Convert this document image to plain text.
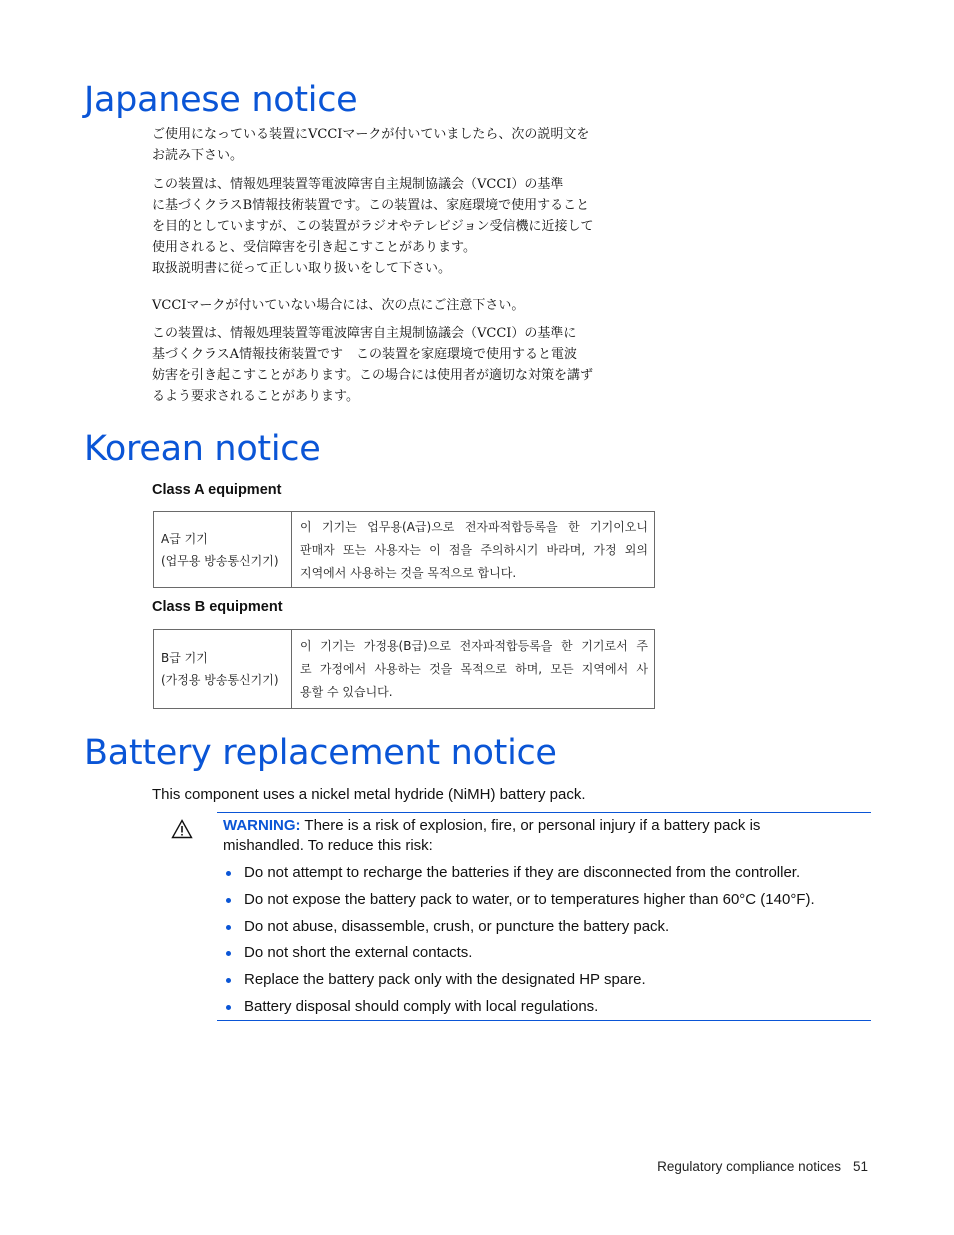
Japanese notice
ご使用になっている装置にVCCIマークが付いていましたら、次の説明文を
お読み下さい。
この装置は、情報処理装置等電波障害自主規制協議会（VCCI）の基準
に基づくクラスB情報技術装置です。この装置は、家庭環境で使用すること
を目的としていますが、この装置がラジオやテレビジョン受信機に近接して
使用されると、受信障害を引き起こすことがあります。
取扱説明書に従って正しい取り扱いをして下さい。
VCCIマークが付いていない場合には、次の点にご注意下さい。
この装置は、情報処理装置等電波障害自主規制協議会（VCCI）の基準に
基づくクラスA情報技術装置です　この装置を家庭環境で使用すると電波
妨害を引き起こすことがあります。この場合には使用者が適切な対策を講ず
るよう要求されることがあります。
Korean notice
Class A equipment
A급 기기
(업무용 방송통신기기)
이 기기는 업무용(A급)으로 전자파적합등록을 한 기기이오니
판매자 또는 사용자는 이 점을 주의하시기 바라며, 가정 외의
지역에서 사용하는 것을 목적으로 합니다.
Class B equipment
B급 기기
(가정용 방송통신기기)
이 기기는 가정용(B급)으로 전자파적합등록을 한 기기로서 주
로 가정에서 사용하는 것을 목적으로 하며, 모든 지역에서 사
용할 수 있습니다.
Battery replacement notice

This component uses a nickel metal hydride (NiMH) battery pack.

WARNING: There is a risk of explosion, fire, or personal injury if a battery pack is mishandled. To reduce this risk:
Do not attempt to recharge the batteries if they are disconnected from the controller.
Do not expose the battery pack to water, or to temperatures higher than 60°C (140°F).
Do not abuse, disassemble, crush, or puncture the battery pack.
Do not short the external contacts.
Replace the battery pack only with the designated HP spare.
Battery disposal should comply with local regulations.
Regulatory compliance notices 51
